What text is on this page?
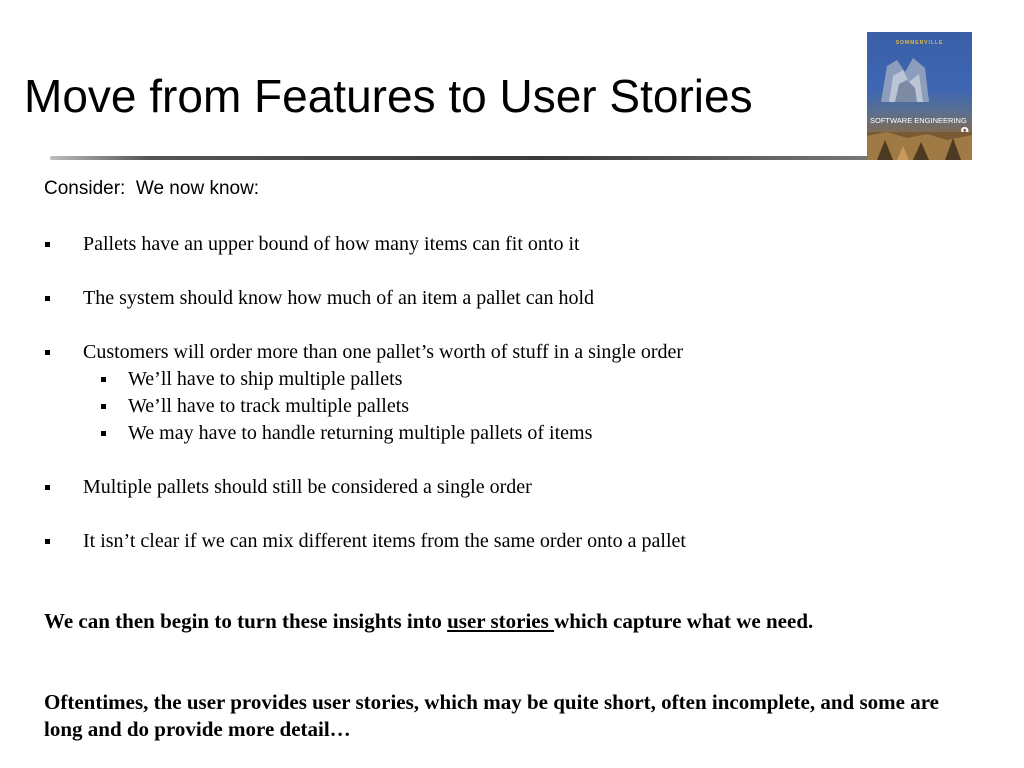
Move from Features to User Stories
SOMMERVILLE
SOFTWARE ENGINEERING

Consider:  We now know:

Pallets have an upper bound of how many items can fit onto it
The system should know how much of an item a pallet can hold
Customers will order more than one pallet’s worth of stuff in a single order
We’ll have to ship multiple pallets
We’ll have to track multiple pallets
We may have to handle returning multiple pallets of items
Multiple pallets should still be considered a single order
It isn’t clear if we can mix different items from the same order onto a pallet

We can then begin to turn these insights into user stories which capture what we need.

Oftentimes, the user provides user stories, which may be quite short, often incomplete, and some are long and do provide more detail…
